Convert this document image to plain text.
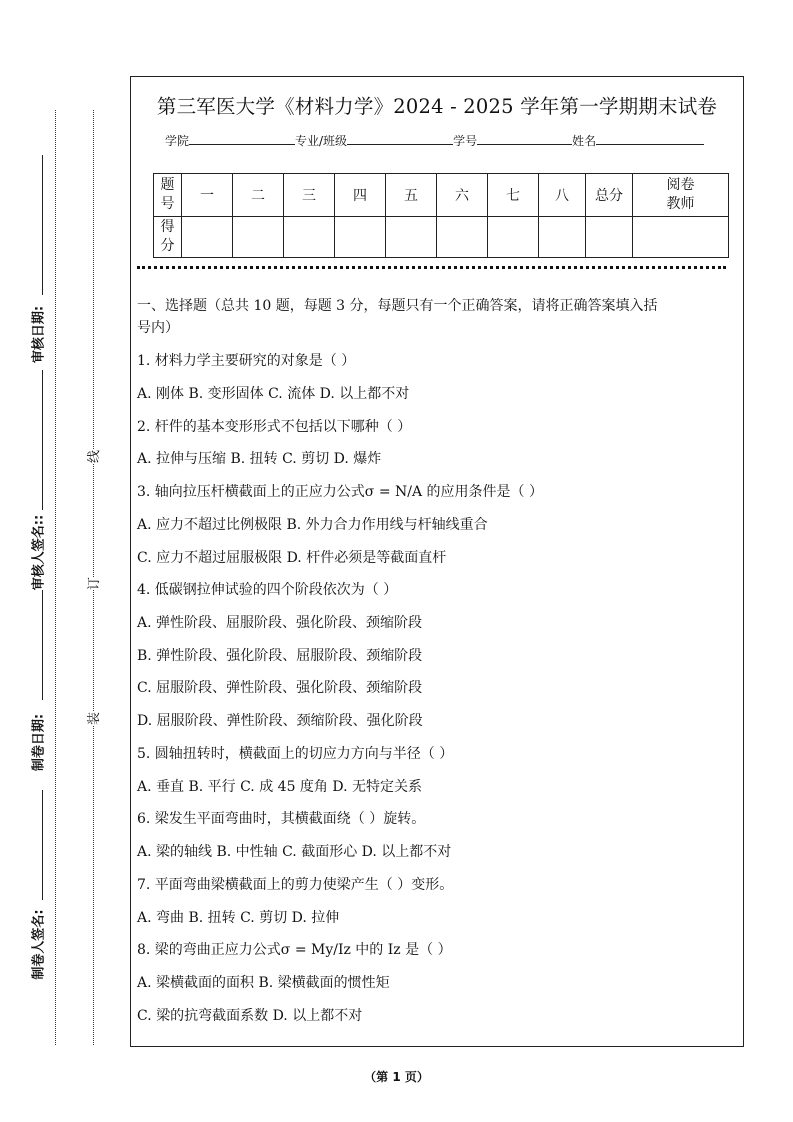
审核日期:
审核人签名::
制卷日期:
制卷人签名:
线
订
装
第三军医大学《材料力学》2024 - 2025 学年第一学期期末试卷
学院	专业/班级	学号	姓名
题
号	一	二	三	四	五	六	七	八	总分	阅卷
教师
得
分										
一、选择题（总共 10 题，每题 3 分，每题只有一个正确答案，请将正确答案填入括
号内）
1. 材料力学主要研究的对象是（ ）
A. 刚体 B. 变形固体 C. 流体 D. 以上都不对
2. 杆件的基本变形形式不包括以下哪种（ ）
A. 拉伸与压缩 B. 扭转 C. 剪切 D. 爆炸
3. 轴向拉压杆横截面上的正应力公式σ = N/A 的应用条件是（ ）
A. 应力不超过比例极限 B. 外力合力作用线与杆轴线重合
C. 应力不超过屈服极限 D. 杆件必须是等截面直杆
4. 低碳钢拉伸试验的四个阶段依次为（ ）
A. 弹性阶段、屈服阶段、强化阶段、颈缩阶段
B. 弹性阶段、强化阶段、屈服阶段、颈缩阶段
C. 屈服阶段、弹性阶段、强化阶段、颈缩阶段
D. 屈服阶段、弹性阶段、颈缩阶段、强化阶段
5. 圆轴扭转时，横截面上的切应力方向与半径（ ）
A. 垂直 B. 平行 C. 成 45 度角 D. 无特定关系
6. 梁发生平面弯曲时，其横截面绕（ ）旋转。
A. 梁的轴线 B. 中性轴 C. 截面形心 D. 以上都不对
7. 平面弯曲梁横截面上的剪力使梁产生（ ）变形。
A. 弯曲 B. 扭转 C. 剪切 D. 拉伸
8. 梁的弯曲正应力公式σ = My/Iz 中的 Iz 是（ ）
A. 梁横截面的面积 B. 梁横截面的惯性矩
C. 梁的抗弯截面系数 D. 以上都不对
（第 1 页）
